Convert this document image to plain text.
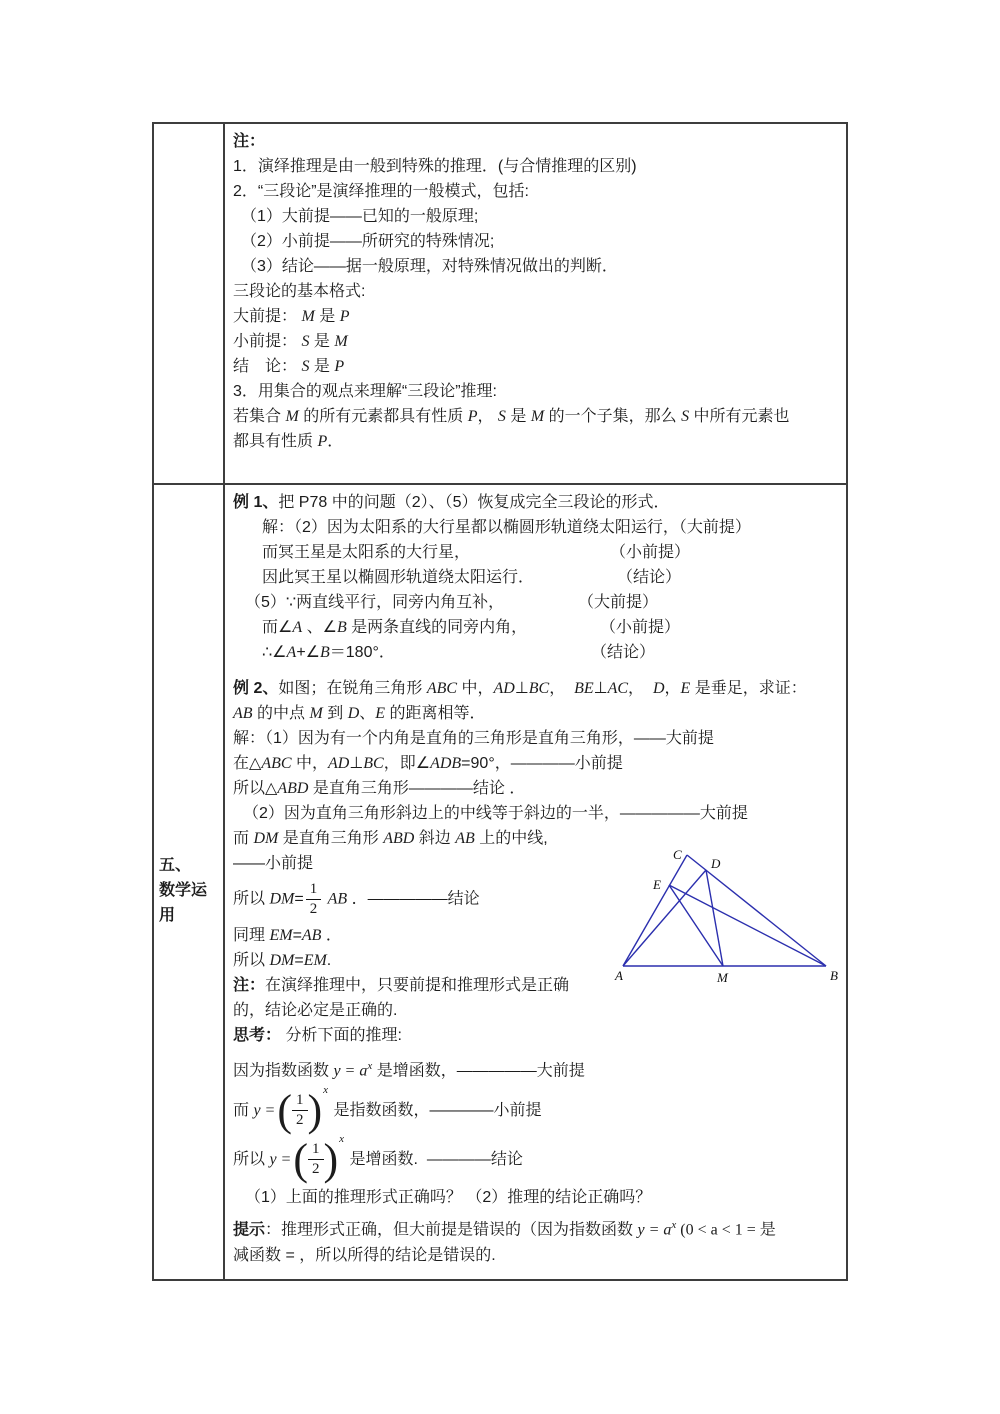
注：
1．演绎推理是由一般到特殊的推理．(与合情推理的区别)
2．“三段论”是演绎推理的一般模式，包括:
（1）大前提——已知的一般原理;
（2）小前提——所研究的特殊情况;
（3）结论——据一般原理，对特殊情况做出的判断．
三段论的基本格式:
大前提： M 是 P
小前提： S 是 M
结　论： S 是 P
3．用集合的观点来理解“三段论”推理:
若集合 M 的所有元素都具有性质 P， S 是 M 的一个子集，那么 S 中所有元素也
都具有性质 P．
五、
数学运
用
例 1、把 P78 中的问题（2）、（5）恢复成完全三段论的形式．
解：（2）因为太阳系的大行星都以椭圆形轨道绕太阳运行，（大前提）
而冥王星是太阳系的大行星，	（小前提）
因此冥王星以椭圆形轨道绕太阳运行．	（结论）
（5）∵两直线平行，同旁内角互补，	（大前提）
而∠A 、∠B 是两条直线的同旁内角，	（小前提）
∴∠A+∠B＝180°．	（结论）
例 2、如图；在锐角三角形 ABC 中，AD⊥BC，  BE⊥AC，  D，E 是垂足，求证：
AB 的中点 M 到 D、E 的距离相等．
解：（1）因为有一个内角是直角的三角形是直角三角形，——大前提
在△ABC 中，AD⊥BC，即∠ADB=90°，————小前提
所以△ABD 是直角三角形————结论 ．
（2）因为直角三角形斜边上的中线等于斜边的一半，—————大前提
而 DM 是直角三角形 ABD 斜边 AB 上的中线,
——小前提
所以 $DM= \frac{1}{2}$ AB ．—————结论
同理 EM=AB ．
所以 DM=EM.
注：在演绎推理中，只要前提和推理形式是正确
的，结论必定是正确的.
思考： 分析下面的推理:
因为指数函数 $y = a^x$ 是增函数，—————大前提
而 y = ( $\frac{1}{2}$ ) x
是指数函数，————小前提
所以 y = ( $\frac{1}{2}$ ) x
是增函数.  ————结论
（1）上面的推理形式正确吗？ （2）推理的结论正确吗？
提示：推理形式正确，但大前提是错误的（因为指数函数 $y = a^x$ (0 < a < 1 = 是
减函数 = ，所以所得的结论是错误的.
A	B
C
D
E
M
